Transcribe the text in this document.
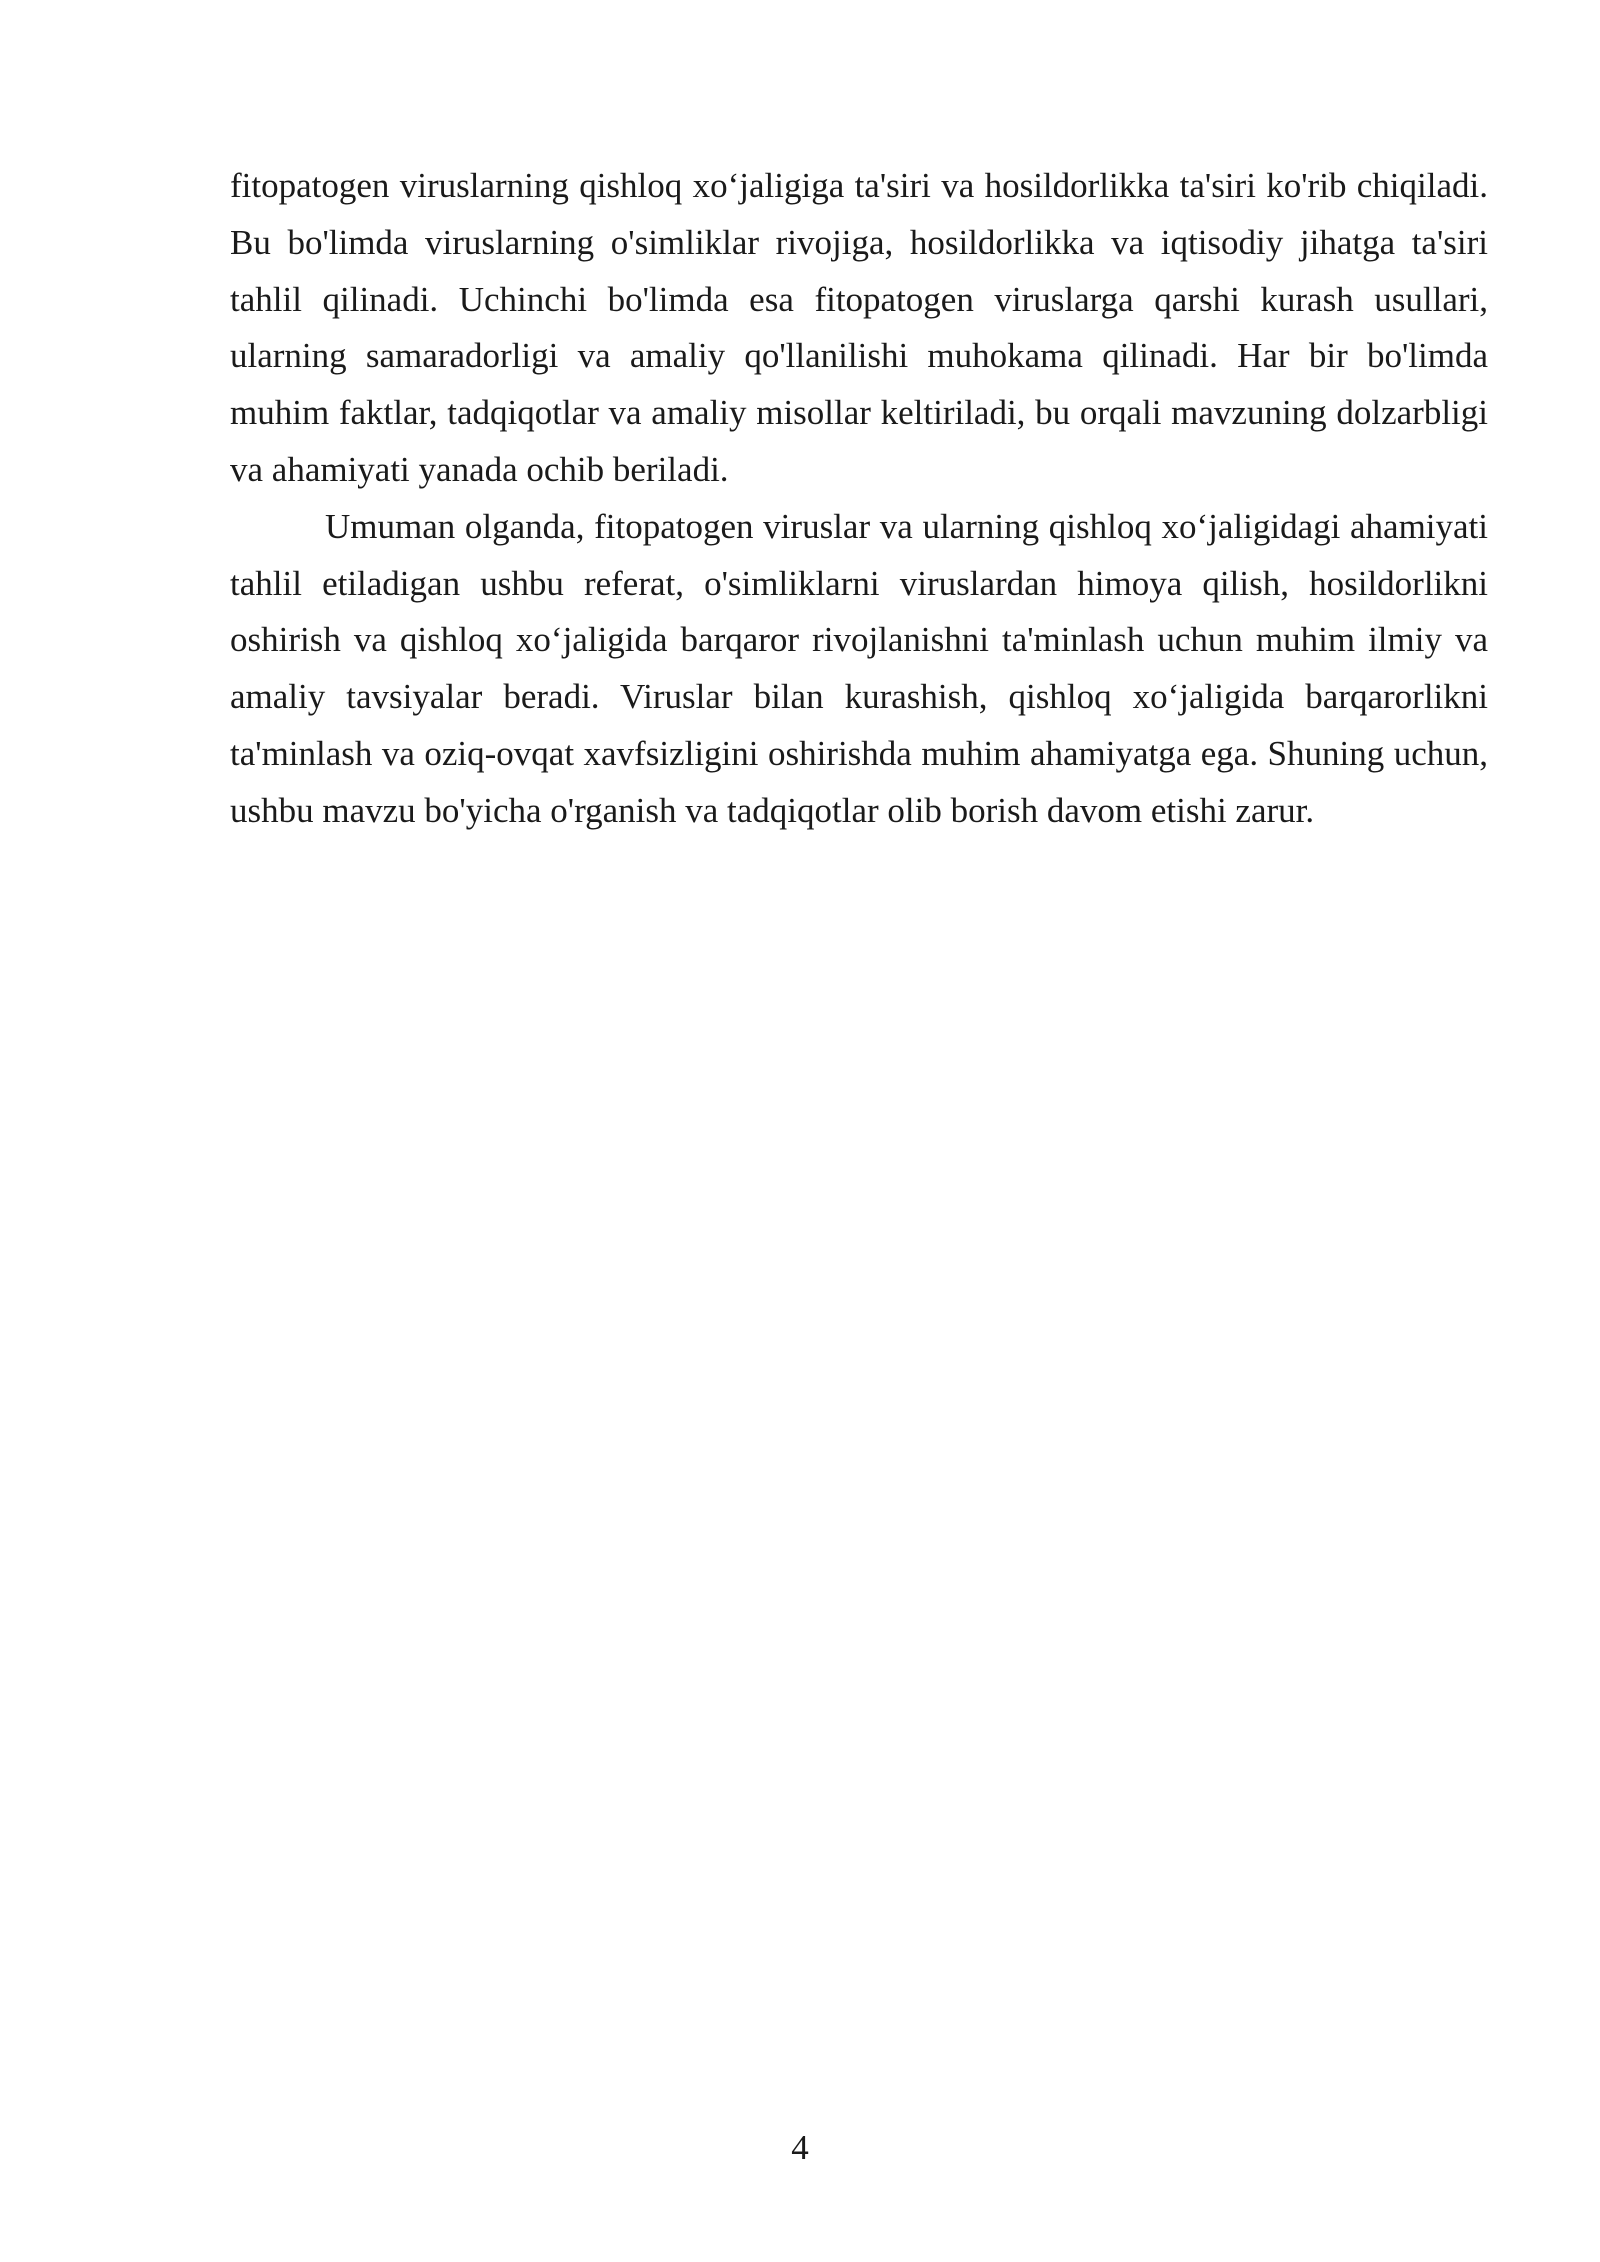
fitopatogen viruslarning qishloq xo‘jaligiga ta'siri va hosildorlikka ta'siri ko'rib chiqiladi. Bu bo'limda viruslarning o'simliklar rivojiga, hosildorlikka va iqtisodiy jihatga ta'siri tahlil qilinadi. Uchinchi bo'limda esa fitopatogen viruslarga qarshi kurash usullari, ularning samaradorligi va amaliy qo'llanilishi muhokama qilinadi. Har bir bo'limda muhim faktlar, tadqiqotlar va amaliy misollar keltiriladi, bu orqali mavzuning dolzarbligi va ahamiyati yanada ochib beriladi.

Umuman olganda, fitopatogen viruslar va ularning qishloq xo‘jaligidagi ahamiyati tahlil etiladigan ushbu referat, o'simliklarni viruslardan himoya qilish, hosildorlikni oshirish va qishloq xo‘jaligida barqaror rivojlanishni ta'minlash uchun muhim ilmiy va amaliy tavsiyalar beradi. Viruslar bilan kurashish, qishloq xo‘jaligida barqarorlikni ta'minlash va oziq-ovqat xavfsizligini oshirishda muhim ahamiyatga ega. Shuning uchun, ushbu mavzu bo'yicha o'rganish va tadqiqotlar olib borish davom etishi zarur.

4
